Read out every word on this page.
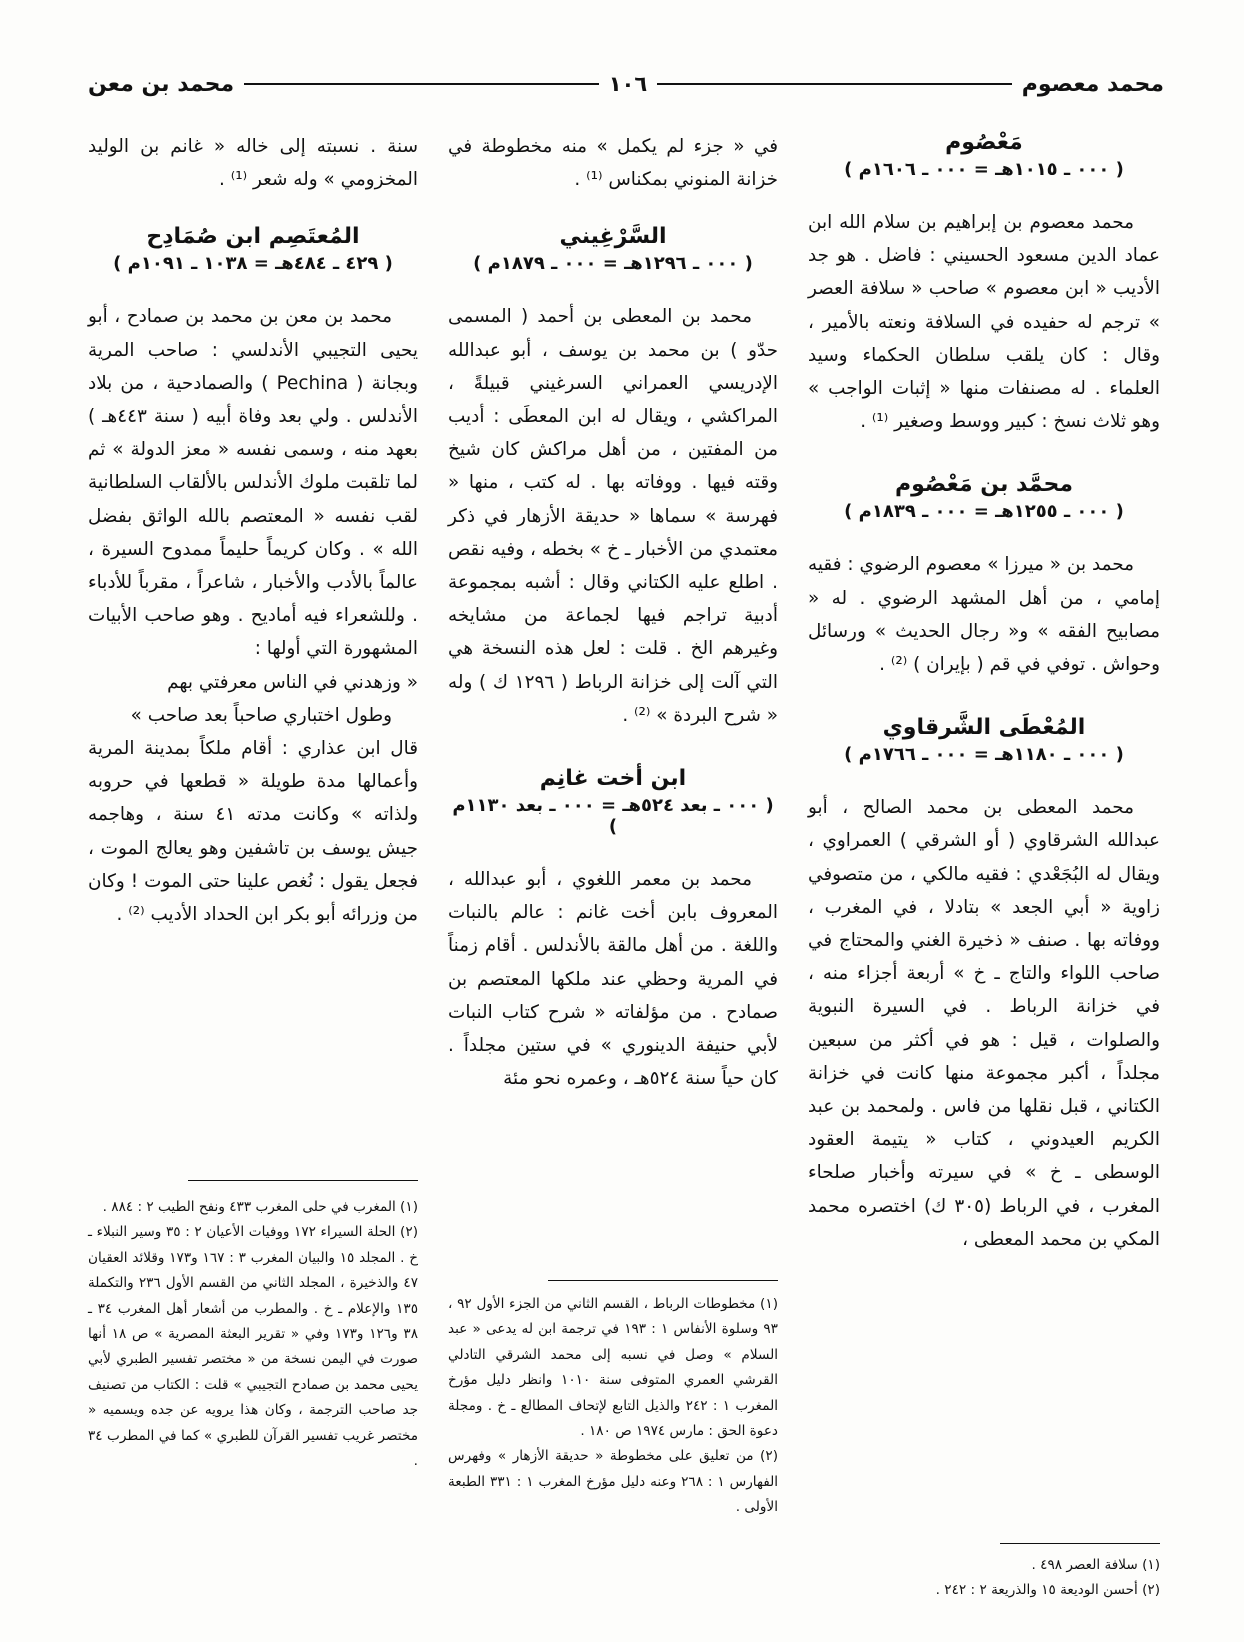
محمد معصوم
١٠٦
محمد بن معن
مَعْصُوم
( ٠٠٠ ـ ١٠١٥هـ = ٠٠٠ ـ ١٦٠٦م )

محمد معصوم بن إبراهيم بن سلام الله ابن عماد الدين مسعود الحسيني : فاضل . هو جد الأديب « ابن معصوم » صاحب « سلافة العصر » ترجم له حفيده في السلافة ونعته بالأمير ، وقال : كان يلقب سلطان الحكماء وسيد العلماء . له مصنفات منها « إثبات الواجب » وهو ثلاث نسخ : كبير ووسط وصغير ⁽¹⁾ .

محمَّد بن مَعْصُوم
( ٠٠٠ ـ ١٢٥٥هـ = ٠٠٠ ـ ١٨٣٩م )

محمد بن « ميرزا » معصوم الرضوي : فقيه إمامي ، من أهل المشهد الرضوي . له « مصابيح الفقه » و« رجال الحديث » ورسائل وحواش . توفي في قم ( بإيران ) ⁽²⁾ .

المُعْطَى الشَّرقاوي
( ٠٠٠ ـ ١١٨٠هـ = ٠٠٠ ـ ١٧٦٦م )

محمد المعطى بن محمد الصالح ، أبو عبدالله الشرقاوي ( أو الشرقي ) العمراوي ، ويقال له البُجَعْدي : فقيه مالكي ، من متصوفي زاوية « أبي الجعد » بتادلا ، في المغرب ، ووفاته بها . صنف « ذخيرة الغني والمحتاج في صاحب اللواء والتاج ـ خ » أربعة أجزاء منه ، في خزانة الرباط . في السيرة النبوية والصلوات ، قيل : هو في أكثر من سبعين مجلداً ، أكبر مجموعة منها كانت في خزانة الكتاني ، قبل نقلها من فاس . ولمحمد بن عبد الكريم العيدوني ، كتاب « يتيمة العقود الوسطى ـ خ » في سيرته وأخبار صلحاء المغرب ، في الرباط (٣٠٥ ك) اختصره محمد المكي بن محمد المعطى ،

في « جزء لم يكمل » منه مخطوطة في خزانة المنوني بمكناس ⁽¹⁾ .

السَّرْغِيني
( ٠٠٠ ـ ١٢٩٦هـ = ٠٠٠ ـ ١٨٧٩م )

محمد بن المعطى بن أحمد ( المسمى حدّو ) بن محمد بن يوسف ، أبو عبدالله الإدريسي العمراني السرغيني قبيلةً ، المراكشي ، ويقال له ابن المعطَى : أديب من المفتين ، من أهل مراكش كان شيخ وقته فيها . ووفاته بها . له كتب ، منها « فهرسة » سماها « حديقة الأزهار في ذكر معتمدي من الأخبار ـ خ » بخطه ، وفيه نقص . اطلع عليه الكتاني وقال : أشبه بمجموعة أدبية تراجم فيها لجماعة من مشايخه وغيرهم الخ . قلت : لعل هذه النسخة هي التي آلت إلى خزانة الرباط ( ١٢٩٦ ك ) وله « شرح البردة » ⁽²⁾ .

ابن أخت غانِم
( ٠٠٠ ـ بعد ٥٢٤هـ = ٠٠٠ ـ بعد ١١٣٠م )

محمد بن معمر اللغوي ، أبو عبدالله ، المعروف بابن أخت غانم : عالم بالنبات واللغة . من أهل مالقة بالأندلس . أقام زمناً في المرية وحظي عند ملكها المعتصم بن صمادح . من مؤلفاته « شرح كتاب النبات لأبي حنيفة الدينوري » في ستين مجلداً . كان حياً سنة ٥٢٤هـ ، وعمره نحو مئة

سنة . نسبته إلى خاله « غانم بن الوليد المخزومي » وله شعر ⁽¹⁾ .

المُعتَصِم ابن صُمَادِح
( ٤٢٩ ـ ٤٨٤هـ = ١٠٣٨ ـ ١٠٩١م )

محمد بن معن بن محمد بن صمادح ، أبو يحيى التجيبي الأندلسي : صاحب المرية وبجانة ( Pechina ) والصمادحية ، من بلاد الأندلس . ولي بعد وفاة أبيه ( سنة ٤٤٣هـ ) بعهد منه ، وسمى نفسه « معز الدولة » ثم لما تلقبت ملوك الأندلس بالألقاب السلطانية لقب نفسه « المعتصم بالله الواثق بفضل الله » . وكان كريماً حليماً ممدوح السيرة ، عالماً بالأدب والأخبار ، شاعراً ، مقرباً للأدباء . وللشعراء فيه أماديح . وهو صاحب الأبيات المشهورة التي أولها :

« وزهدني في الناس معرفتي بهم

وطول اختباري صاحباً بعد صاحب »

قال ابن عذاري : أقام ملكاً بمدينة المرية وأعمالها مدة طويلة « قطعها في حروبه ولذاته » وكانت مدته ٤١ سنة ، وهاجمه جيش يوسف بن تاشفين وهو يعالج الموت ، فجعل يقول : نُغص علينا حتى الموت ! وكان من وزرائه أبو بكر ابن الحداد الأديب ⁽²⁾ .

(١) سلافة العصر ٤٩٨ .

(٢) أحسن الوديعة ١٥ والذريعة ٢ : ٢٤٢ .

(١) مخطوطات الرباط ، القسم الثاني من الجزء الأول ٩٢ ، ٩٣ وسلوة الأنفاس ١ : ١٩٣ في ترجمة ابن له يدعى « عبد السلام » وصل في نسبه إلى محمد الشرقي التادلي القرشي العمري المتوفى سنة ١٠١٠ وانظر دليل مؤرخ المغرب ١ : ٢٤٢ والذيل التابع لإتحاف المطالع ـ خ . ومجلة دعوة الحق : مارس ١٩٧٤ ص ١٨٠ .

(٢) من تعليق على مخطوطة « حديقة الأزهار » وفهرس الفهارس ١ : ٢٦٨ وعنه دليل مؤرخ المغرب ١ : ٣٣١ الطبعة الأولى .

(١) المغرب في حلى المغرب ٤٣٣ ونفح الطيب ٢ : ٨٨٤ .

(٢) الحلة السيراء ١٧٢ ووفيات الأعيان ٢ : ٣٥ وسير النبلاء ـ خ . المجلد ١٥ والبيان المغرب ٣ : ١٦٧ و١٧٣ وقلائد العقيان ٤٧ والذخيرة ، المجلد الثاني من القسم الأول ٢٣٦ والتكملة ١٣٥ والإعلام ـ خ . والمطرب من أشعار أهل المغرب ٣٤ ـ ٣٨ و١٢٦ و١٧٣ وفي « تقرير البعثة المصرية » ص ١٨ أنها صورت في اليمن نسخة من « مختصر تفسير الطبري لأبي يحيى محمد بن صمادح التجيبي » قلت : الكتاب من تصنيف جد صاحب الترجمة ، وكان هذا يرويه عن جده ويسميه « مختصر غريب تفسير القرآن للطبري » كما في المطرب ٣٤ .
